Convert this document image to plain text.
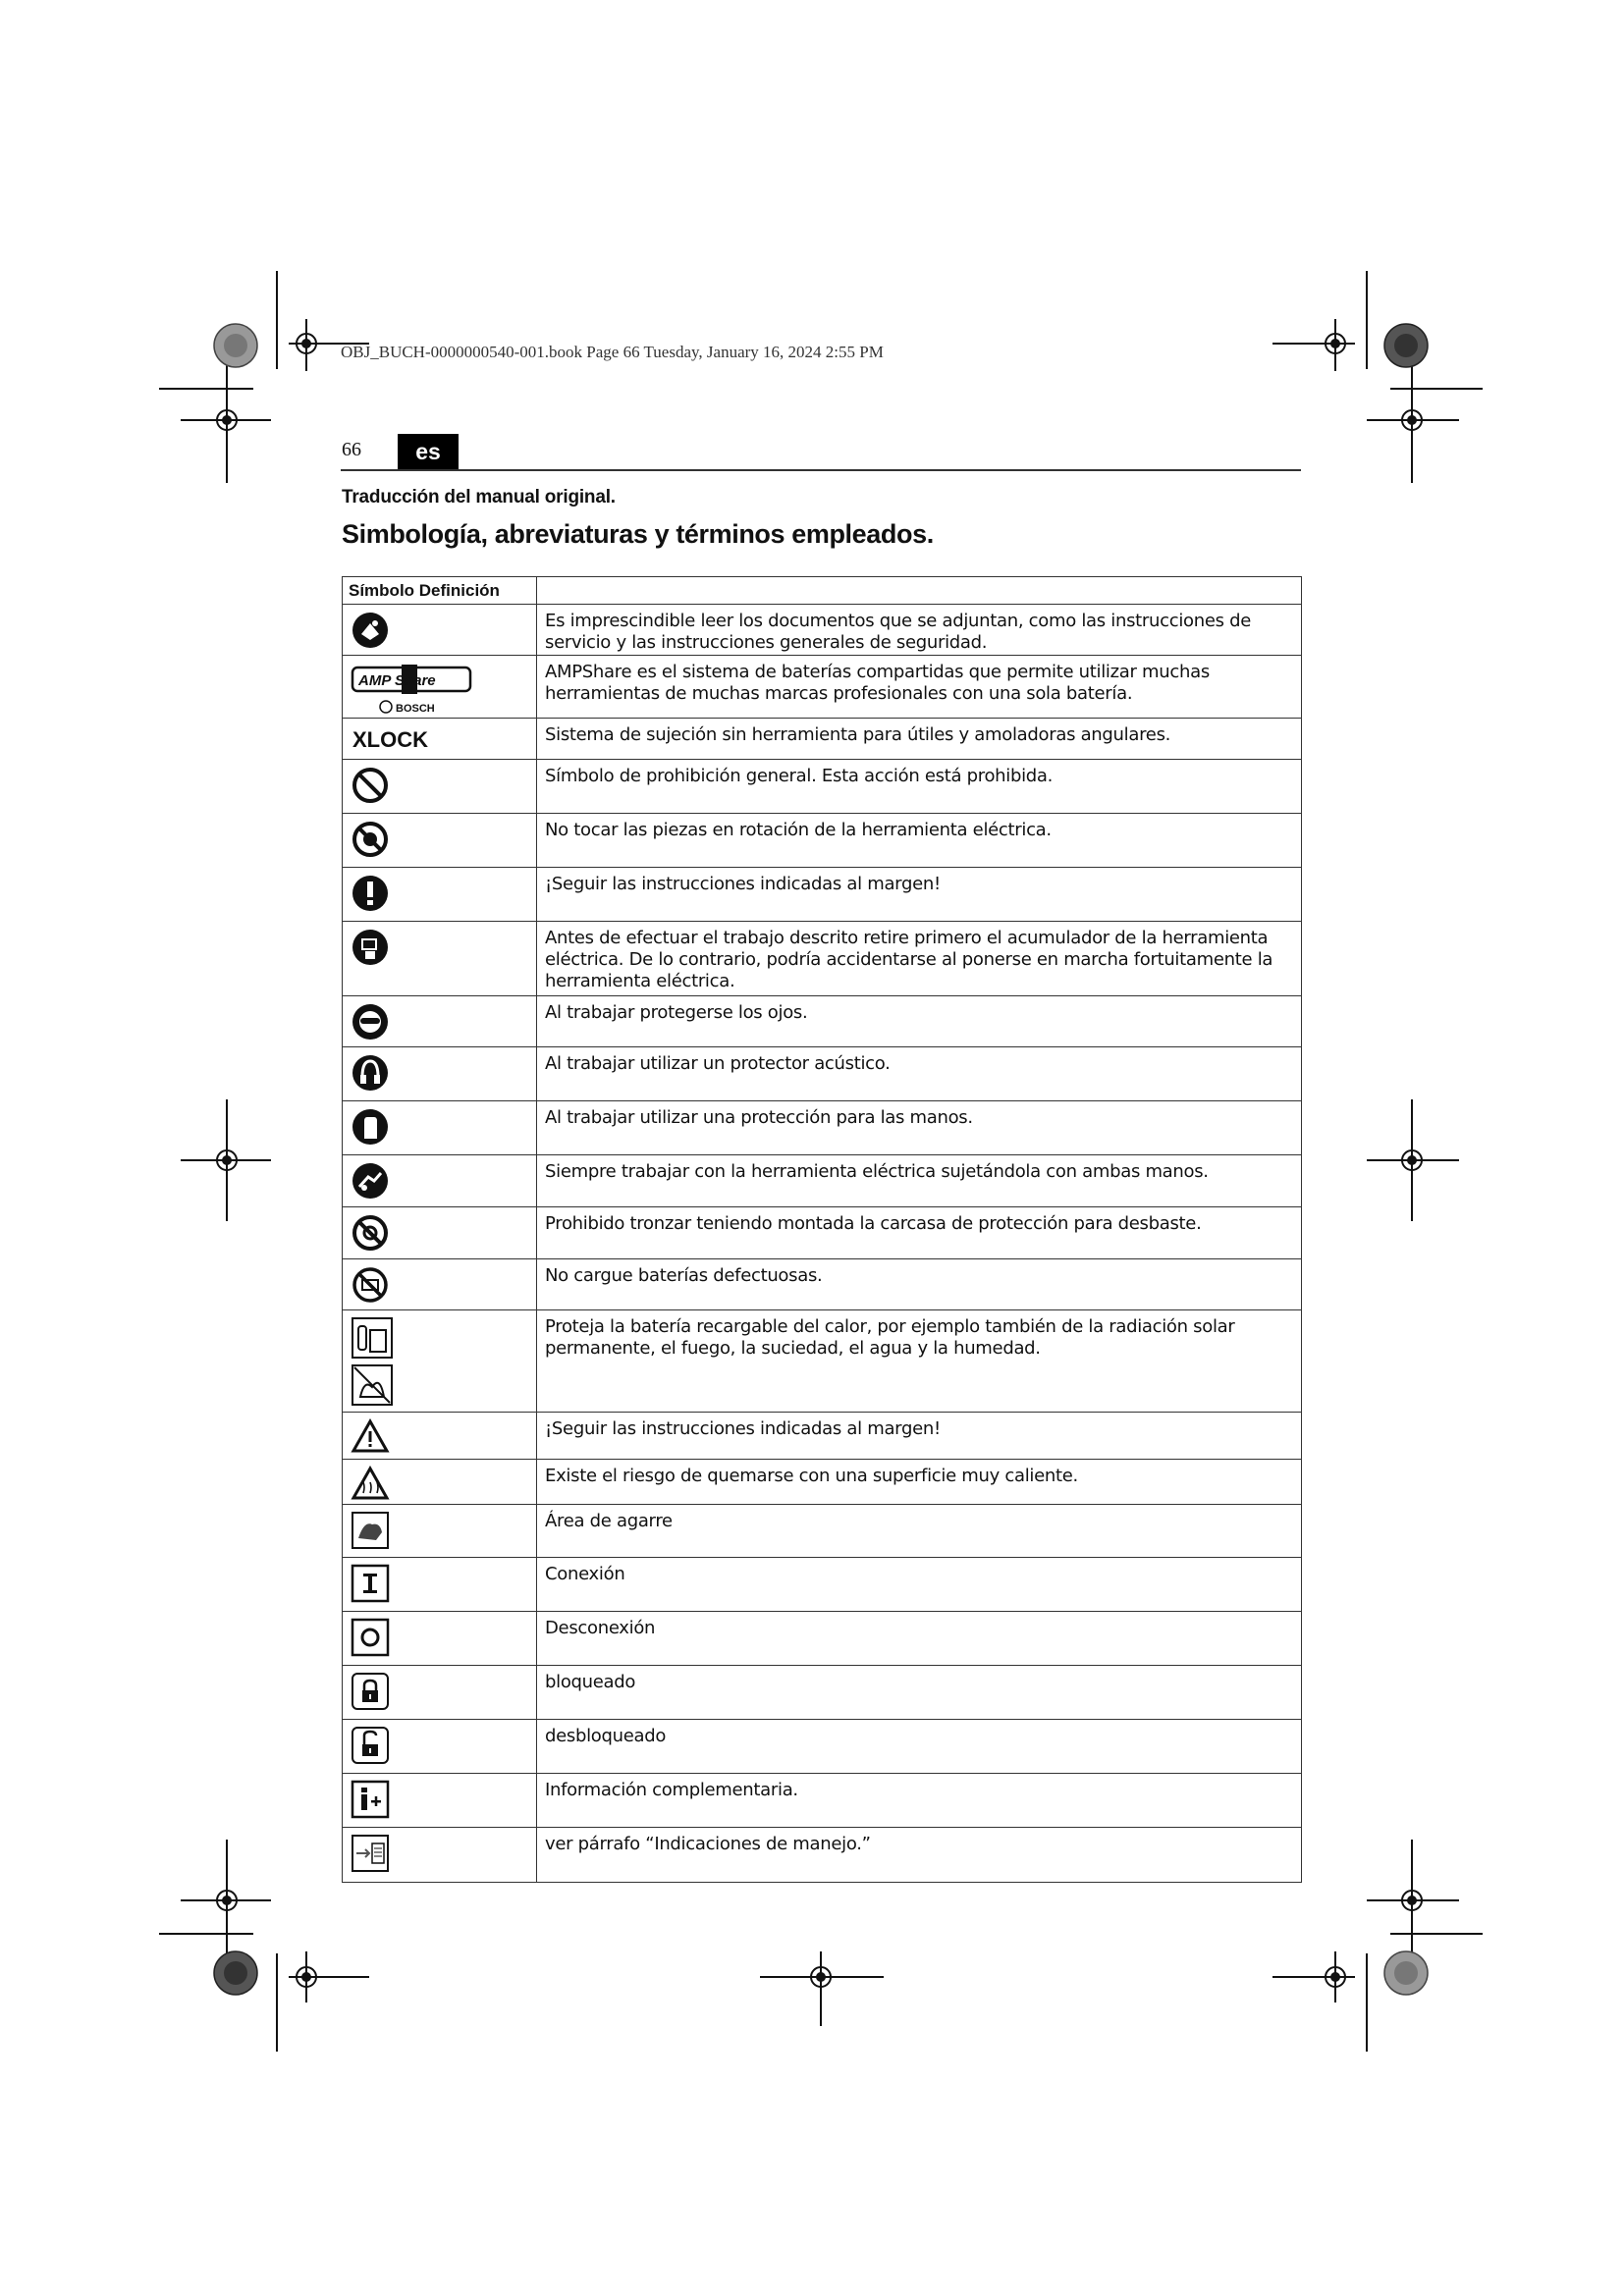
OBJ_BUCH-0000000540-001.book Page 66 Tuesday, January 16, 2024 2:55 PM
66	es
Traducción del manual original.
Simbología, abreviaturas y términos empleados.
Símbolo Definición	

	Es imprescindible leer los documentos que se adjuntan, como las instrucciones de servicio y las instrucciones generales de seguridad.

AMP Share
BOSCH	AMPShare es el sistema de baterías compartidas que permite utilizar muchas herramientas de muchas marcas profesionales con una sola batería.

XLOCK	Sistema de sujeción sin herramienta para útiles y amoladoras angulares.

	Símbolo de prohibición general. Esta acción está prohibida.

	No tocar las piezas en rotación de la herramienta eléctrica.

	¡Seguir las instrucciones indicadas al margen!

	Antes de efectuar el trabajo descrito retire primero el acumulador de la herramienta eléctrica. De lo contrario, podría accidentarse al ponerse en marcha fortuitamente la herramienta eléctrica.

	Al trabajar protegerse los ojos.

	Al trabajar utilizar un protector acústico.

	Al trabajar utilizar una protección para las manos.

	Siempre trabajar con la herramienta eléctrica sujetándola con ambas manos.

	Prohibido tronzar teniendo montada la carcasa de protección para desbaste.

	No cargue baterías defectuosas.

	Proteja la batería recargable del calor, por ejemplo también de la radiación solar permanente, el fuego, la suciedad, el agua y la humedad.

	¡Seguir las instrucciones indicadas al margen!

	Existe el riesgo de quemarse con una superficie muy caliente.

	Área de agarre

	Conexión

	Desconexión

	bloqueado

	desbloqueado

	Información complementaria.

	ver párrafo “Indicaciones de manejo.”
